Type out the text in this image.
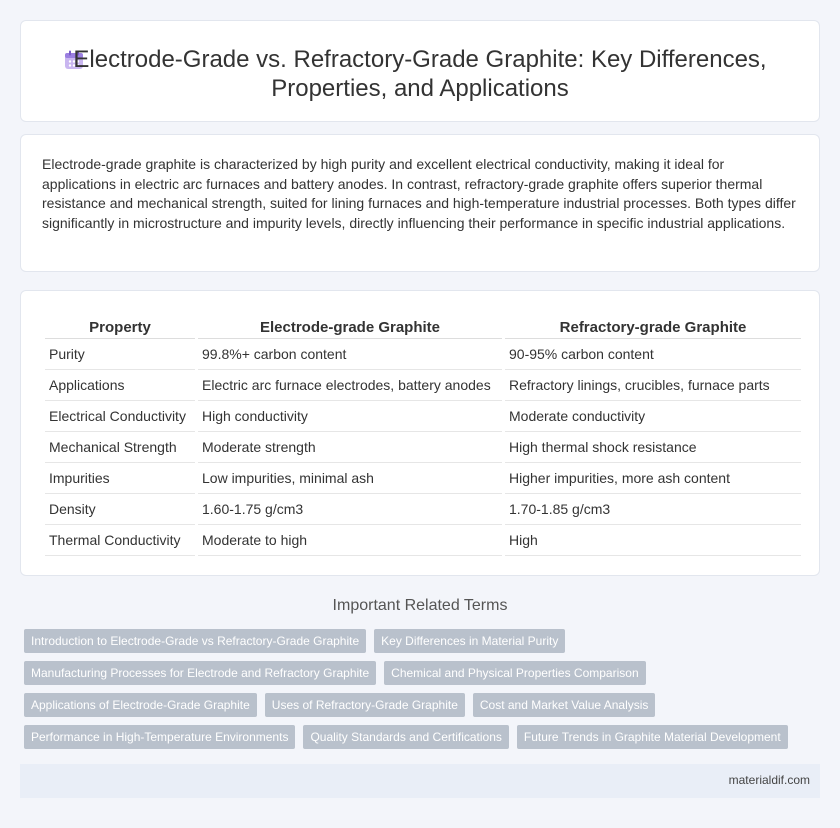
Electrode-Grade vs. Refractory-Grade Graphite: Key Differences, Properties, and Applications

Electrode-grade graphite is characterized by high purity and excellent electrical conductivity, making it ideal for applications in electric arc furnaces and battery anodes. In contrast, refractory-grade graphite offers superior thermal resistance and mechanical strength, suited for lining furnaces and high-temperature industrial processes. Both types differ significantly in microstructure and impurity levels, directly influencing their performance in specific industrial applications.

Property	Electrode-grade Graphite	Refractory-grade Graphite
Purity	99.8%+ carbon content	90-95% carbon content
Applications	Electric arc furnace electrodes, battery anodes	Refractory linings, crucibles, furnace parts
Electrical Conductivity	High conductivity	Moderate conductivity
Mechanical Strength	Moderate strength	High thermal shock resistance
Impurities	Low impurities, minimal ash	Higher impurities, more ash content
Density	1.60-1.75 g/cm3	1.70-1.85 g/cm3
Thermal Conductivity	Moderate to high	High
Important Related Terms
Introduction to Electrode-Grade vs Refractory-Grade Graphite	Key Differences in Material Purity
Manufacturing Processes for Electrode and Refractory Graphite	Chemical and Physical Properties Comparison
Applications of Electrode-Grade Graphite	Uses of Refractory-Grade Graphite	Cost and Market Value Analysis
Performance in High-Temperature Environments	Quality Standards and Certifications	Future Trends in Graphite Material Development
materialdif.com
